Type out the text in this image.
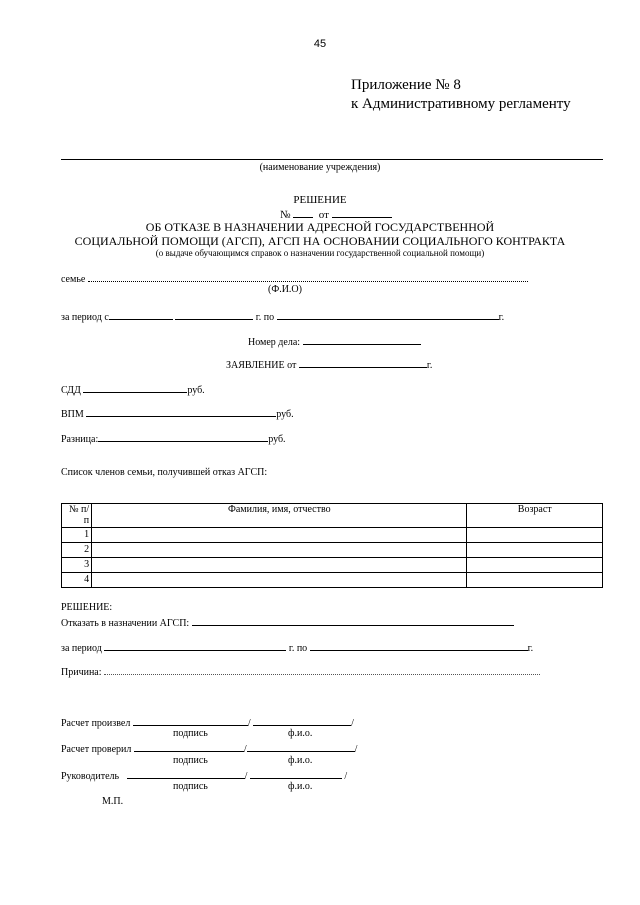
45
Приложение № 8
к Административному регламенту
(наименование учреждения)
РЕШЕНИЕ
№	от
ОБ ОТКАЗЕ В НАЗНАЧЕНИИ АДРЕСНОЙ ГОСУДАРСТВЕННОЙ
СОЦИАЛЬНОЙ ПОМОЩИ (АГСП), АГСП НА ОСНОВАНИИ СОЦИАЛЬНОГО КОНТРАКТА
(о выдаче обучающимся справок о назначении государственной социальной помощи)
семье
(Ф.И.О)
за период с	г. по	г.
Номер дела:
ЗАЯВЛЕНИЕ от	г.
СДД	руб.
ВПМ	руб.
Разница:	руб.
Список членов семьи, получившей отказ АГСП:
№ п/п	Фамилия, имя, отчество	Возраст
1		
2		
3		
4		
РЕШЕНИЕ:
Отказать в назначении АГСП:
за период	г. по	г.
Причина:
Расчет произвел	/	/
подпись	ф.и.о.
Расчет проверил	/	/
подпись	ф.и.о.
Руководитель	/	/
подпись	ф.и.о.
М.П.
